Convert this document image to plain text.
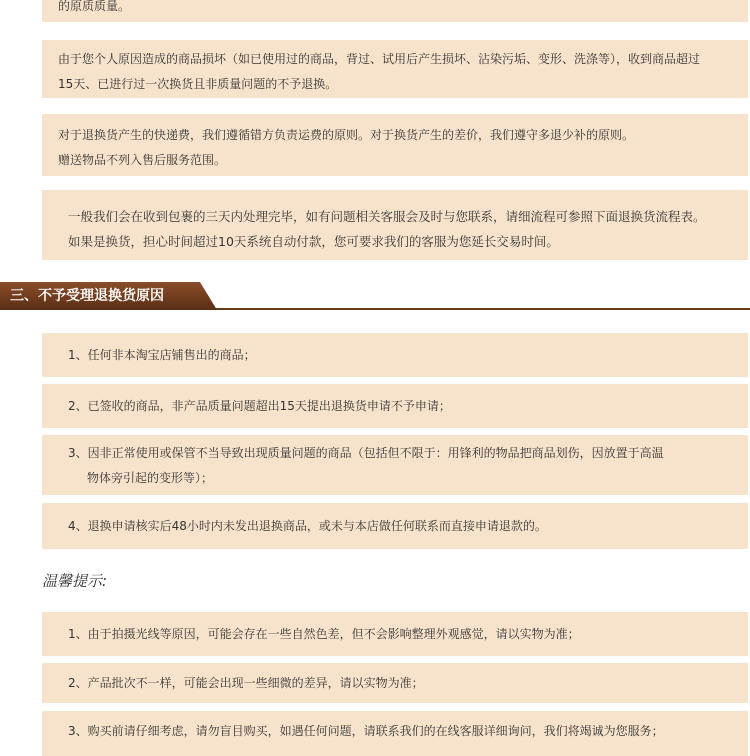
的原质质量。

由于您个人原因造成的商品损坏（如已使用过的商品，背过、试用后产生损坏、沾染污垢、变形、洗涤等），收到商品超过

15天、已进行过一次换货且非质量问题的不予退换。

对于退换货产生的快递费，我们遵循错方负责运费的原则。对于换货产生的差价，我们遵守多退少补的原则。

赠送物品不列入售后服务范围。

一般我们会在收到包裹的三天内处理完毕，如有问题相关客服会及时与您联系，请细流程可参照下面退换货流程表。

如果是换货，担心时间超过10天系统自动付款，您可要求我们的客服为您延长交易时间。

三、不予受理退换货原因

1、任何非本淘宝店铺售出的商品；

2、已签收的商品，非产品质量问题超出15天提出退换货申请不予申请；

3、因非正常使用或保管不当导致出现质量问题的商品（包括但不限于：用锋利的物品把商品划伤，因放置于高温

物体旁引起的变形等）；

4、退换申请核实后48小时内未发出退换商品，或未与本店做任何联系而直接申请退款的。

温馨提示:

1、由于拍摄光线等原因，可能会存在一些自然色差，但不会影响整理外观感觉，请以实物为准；

2、产品批次不一样，可能会出现一些细微的差异，请以实物为准；

3、购买前请仔细考虑，请勿盲目购买，如遇任何问题，请联系我们的在线客服详细询问，我们将竭诚为您服务；
